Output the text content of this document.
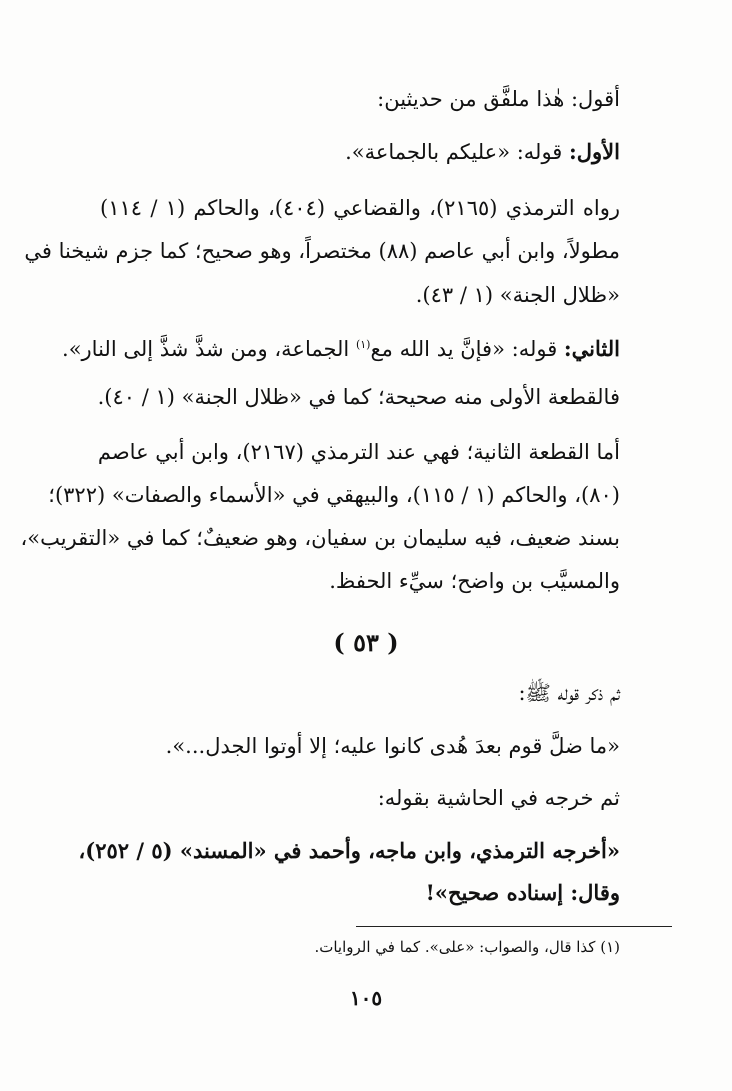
أقول: هٰذا ملفَّق من حديثين:
الأول: قوله: «عليكم بالجماعة».
رواه الترمذي (٢١٦٥)، والقضاعي (٤٠٤)، والحاكم (١ / ١١٤)
مطولاً، وابن أبي عاصم (٨٨) مختصراً، وهو صحيح؛ كما جزم شيخنا في
«ظلال الجنة» (١ / ٤٣).
الثاني: قوله: «فإنَّ يد الله مع$^{(١)}$ الجماعة، ومن شذَّ شذَّ إلى النار».
فالقطعة الأولى منه صحيحة؛ كما في «ظلال الجنة» (١ / ٤٠).
أما القطعة الثانية؛ فهي عند الترمذي (٢١٦٧)، وابن أبي عاصم
(٨٠)، والحاكم (١ / ١١٥)، والبيهقي في «الأسماء والصفات» (٣٢٢)؛
بسند ضعيف، فيه سليمان بن سفيان، وهو ضعيفٌ؛ كما في «التقريب»،
والمسيَّب بن واضح؛ سيِّء الحفظ.
( ٥٣ )
ثم ذكر قوله ﷺ:
«ما ضلَّ قوم بعدَ هُدى كانوا عليه؛ إلا أوتوا الجدل...».
ثم خرجه في الحاشية بقوله:
«أخرجه الترمذي، وابن ماجه، وأحمد في «المسند» (٥ / ٢٥٢)،
وقال: إسناده صحيح»!
(١) كذا قال، والصواب: «على». كما في الروايات.
١٠٥
